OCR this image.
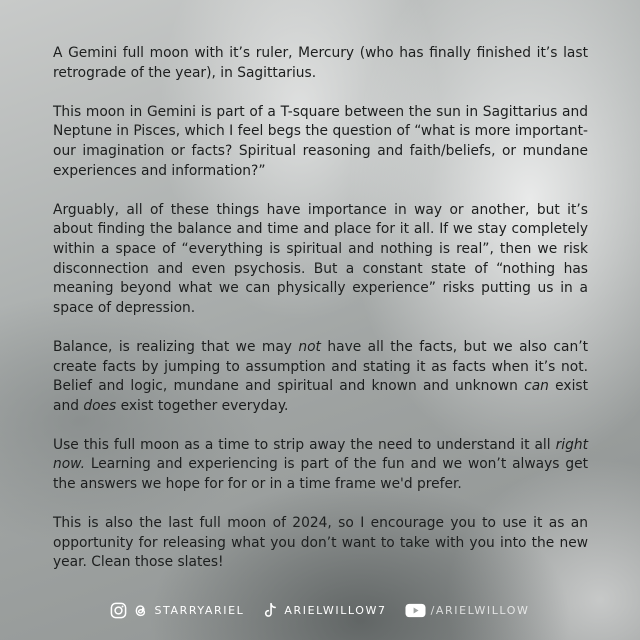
A Gemini full moon with it’s ruler, Mercury (who has finally finished it’s last retrograde of the year), in Sagittarius.

This moon in Gemini is part of a T-square between the sun in Sagittarius and Neptune in Pisces, which I feel begs the question of “what is more important- our imagination or facts? Spiritual reasoning and faith/beliefs, or mundane experiences and information?”

Arguably, all of these things have importance in way or another, but it’s about finding the balance and time and place for it all. If we stay completely within a space of “everything is spiritual and nothing is real”, then we risk disconnection and even psychosis. But a constant state of “nothing has meaning beyond what we can physically experience” risks putting us in a space of depression.

Balance, is realizing that we may not have all the facts, but we also can’t create facts by jumping to assumption and stating it as facts when it’s not. Belief and logic, mundane and spiritual and known and unknown can exist and does exist together everyday.

Use this full moon as a time to strip away the need to understand it all right now. Learning and experiencing is part of the fun and we won’t always get the answers we hope for for or in a time frame we'd prefer.

This is also the last full moon of 2024, so I encourage you to use it as an opportunity for releasing what you don’t want to take with you into the new year. Clean those slates!

STARRYARIEL	ARIELWILLOW7	/ARIELWILLOW
